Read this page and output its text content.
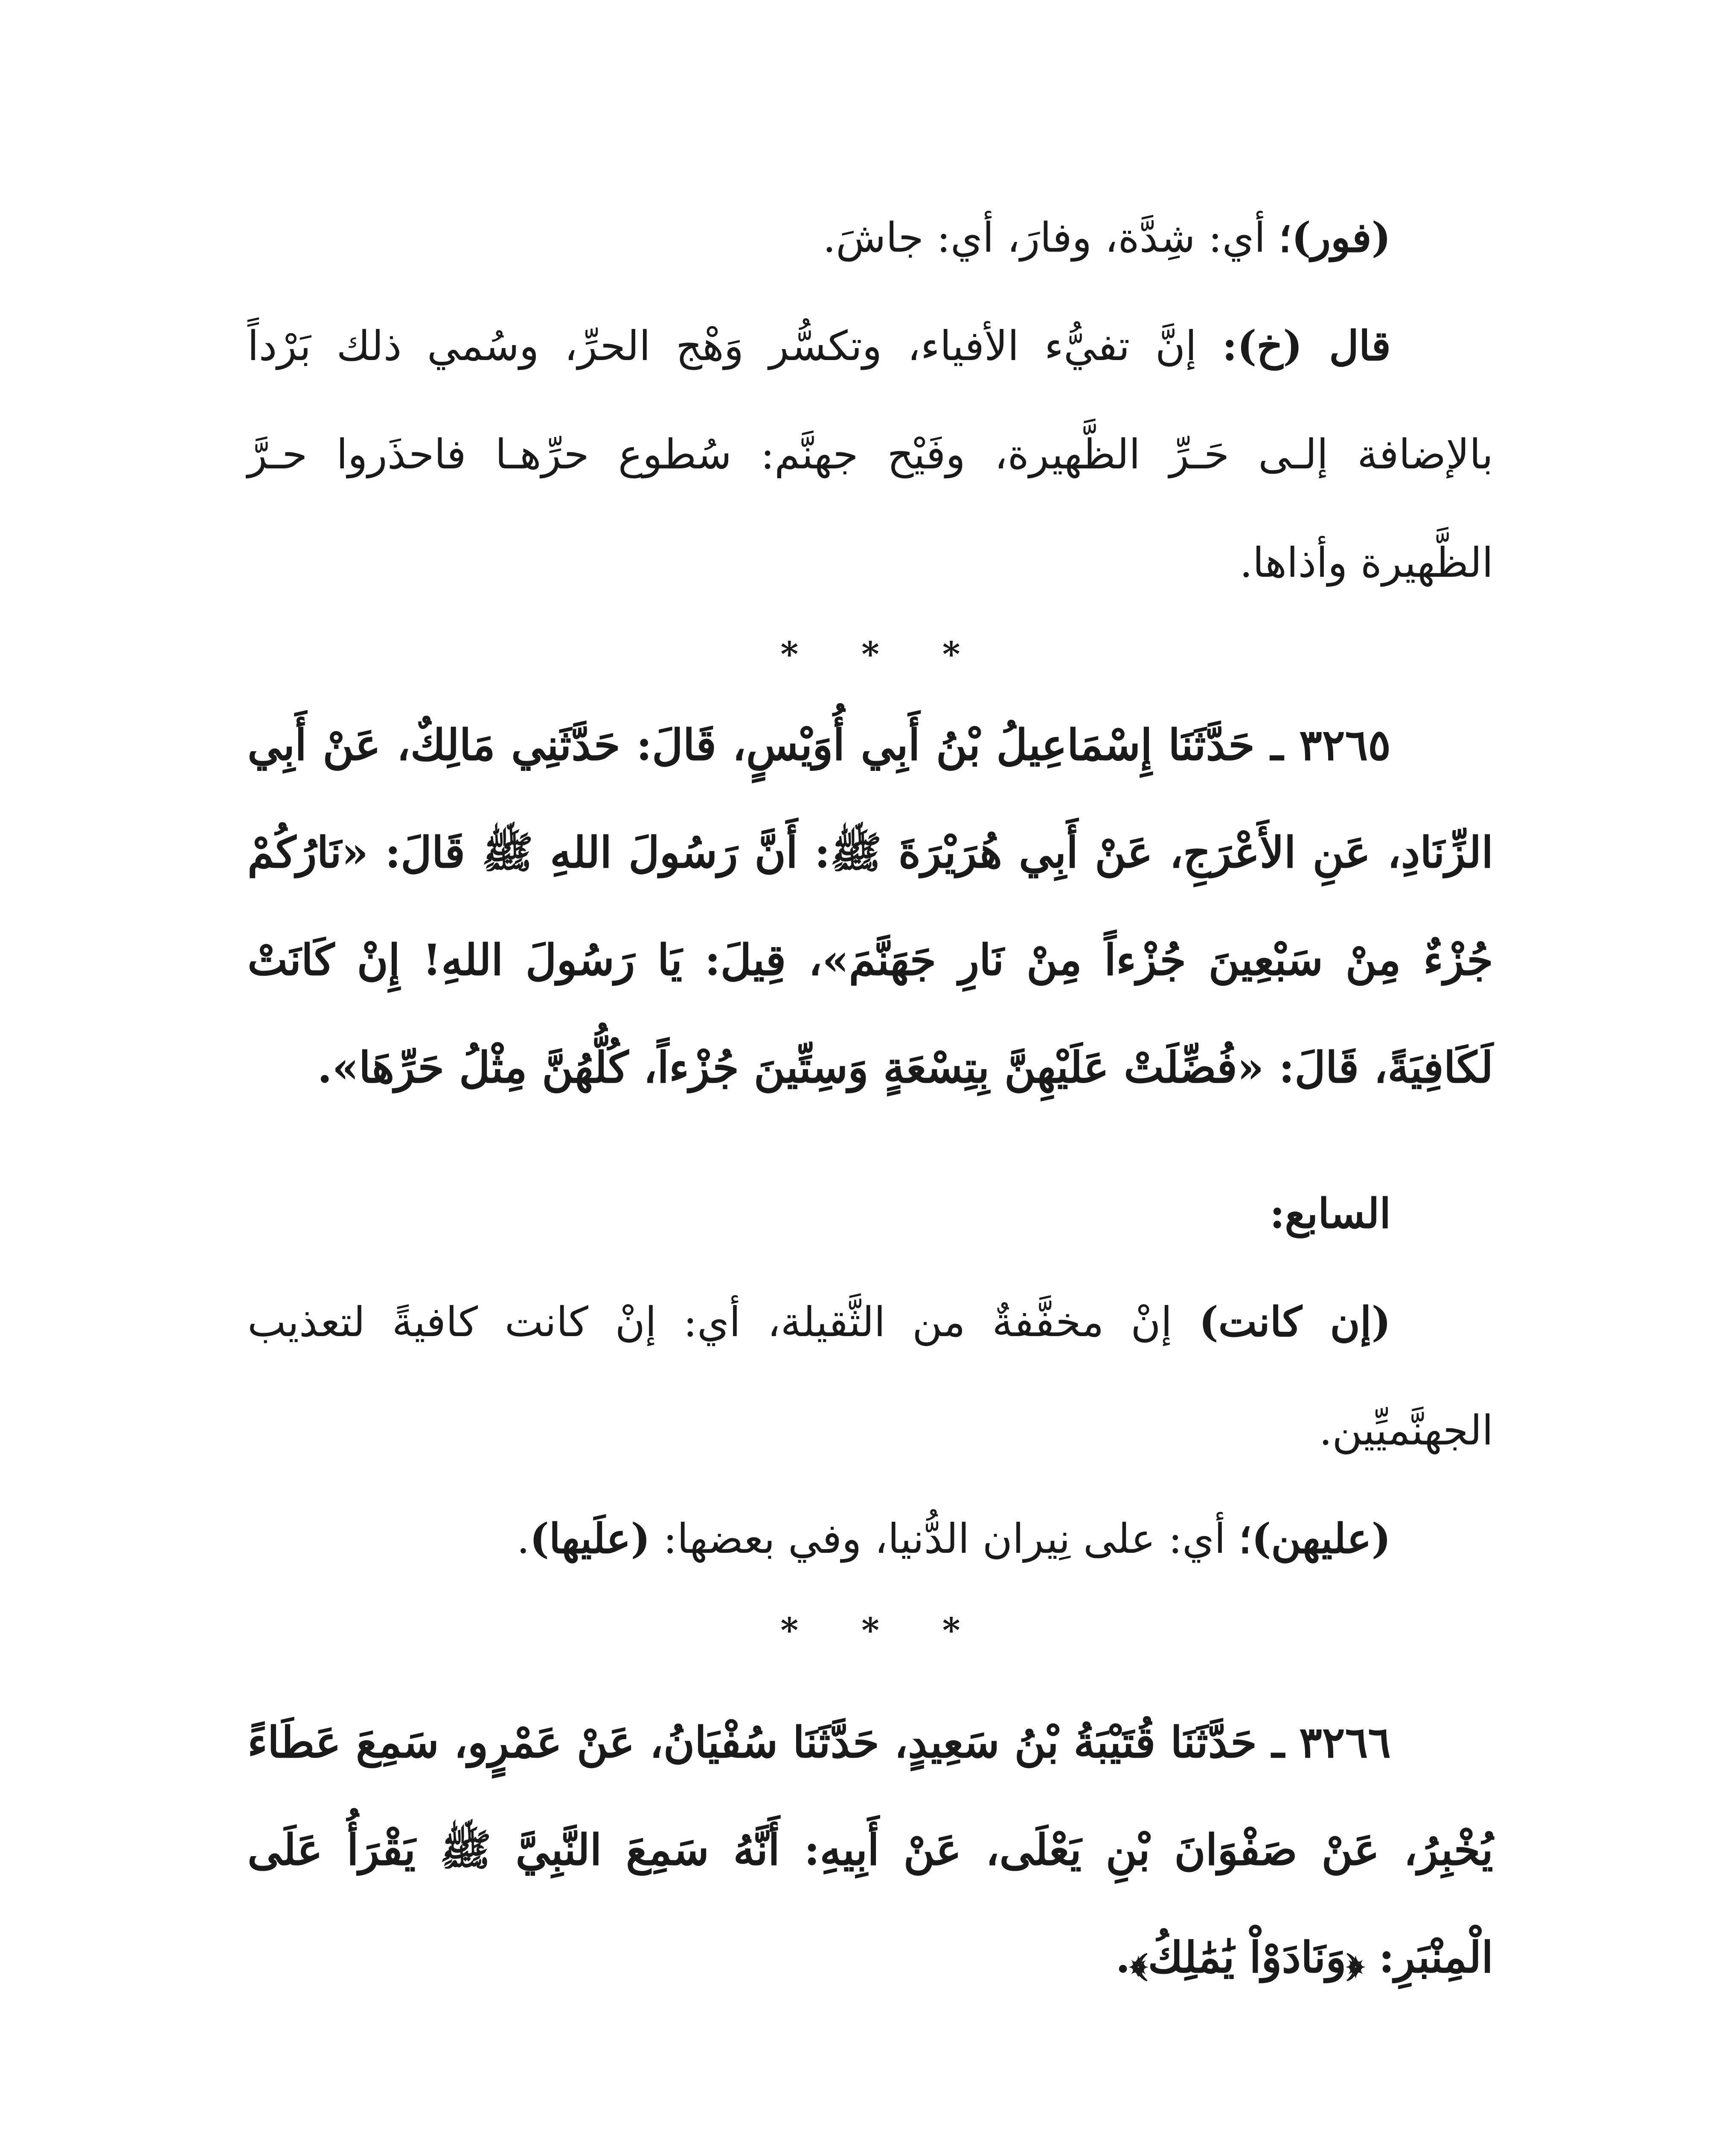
(فور)؛ أي: شِدَّة، وفارَ، أي: جاشَ.

قال (خ): إنَّ تفيُّء الأفياء، وتكسُّر وَهْج الحرِّ، وسُمي ذلك بَرْداً بالإضافة إلـى حَـرِّ الظَّهيرة، وفَيْح جهنَّم: سُطوع حرِّهـا فاحذَروا حـرَّ الظَّهيرة وأذاها.

* * *

٣٢٦٥ ـ حَدَّثَنَا إِسْمَاعِيلُ بْنُ أَبِي أُوَيْسٍ، قَالَ: حَدَّثَنِي مَالِكٌ، عَنْ أَبِي الزِّنَادِ، عَنِ الأَعْرَجِ، عَنْ أَبِي هُرَيْرَةَ ﷺ: أَنَّ رَسُولَ اللهِ ﷺ قَالَ: «نَارُكُمْ جُزْءٌ مِنْ سَبْعِينَ جُزْءاً مِنْ نَارِ جَهَنَّمَ»، قِيلَ: يَا رَسُولَ اللهِ! إِنْ كَانَتْ لَكَافِيَةً، قَالَ: «فُضِّلَتْ عَلَيْهِنَّ بِتِسْعَةٍ وَسِتِّينَ جُزْءاً، كُلُّهُنَّ مِثْلُ حَرِّهَا».

السابع:

(إن كانت) إنْ مخفَّفةٌ من الثَّقيلة، أي: إنْ كانت كافيةً لتعذيب الجهنَّميِّين.

(عليهن)؛ أي: على نِيران الدُّنيا، وفي بعضها: (علَيها).

* * *

٣٢٦٦ ـ حَدَّثَنَا قُتَيْبَةُ بْنُ سَعِيدٍ، حَدَّثَنَا سُفْيَانُ، عَنْ عَمْرٍو، سَمِعَ عَطَاءً يُخْبِرُ، عَنْ صَفْوَانَ بْنِ يَعْلَى، عَنْ أَبِيهِ: أَنَّهُ سَمِعَ النَّبِيَّ ﷺ يَقْرَأُ عَلَى الْمِنْبَرِ: ﴿وَنَادَوْاْ يَٰمَٰلِكُ﴾.
